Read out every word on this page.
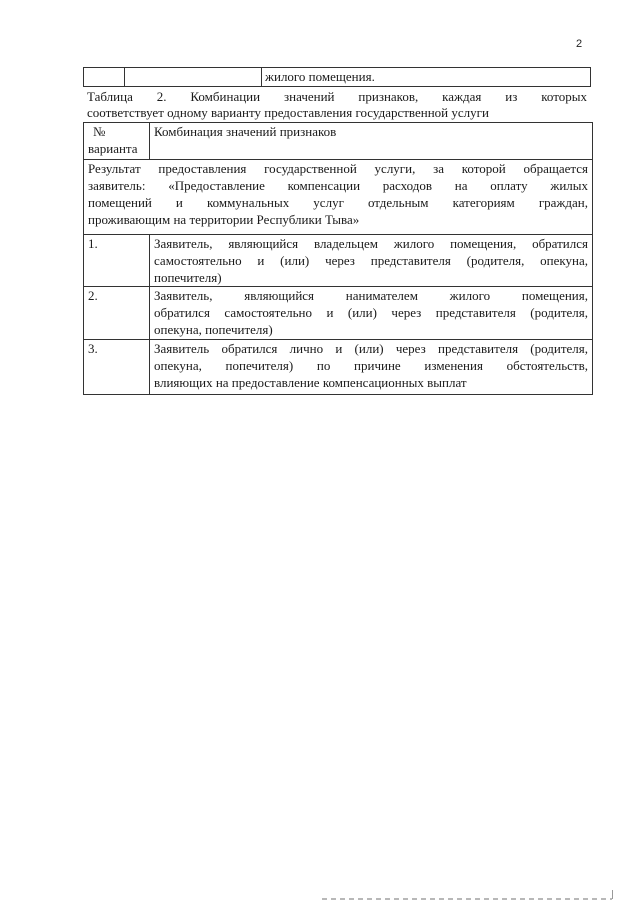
2
		жилого помещения.

Таблица 2. Комбинации значений признаков, каждая из которых

соответствует одному варианту предоставления государственной услуги

№
варианта	Комбинация значений признаков

Результат предоставления государственной услуги, за которой обращается
заявитель: «Предоставление компенсации расходов на оплату жилых
помещений и коммунальных услуг отдельным категориям граждан,
проживающим на территории Республики Тыва»	

1.	Заявитель, являющийся владельцем жилого помещения, обратился
самостоятельно и (или) через представителя (родителя, опекуна,
попечителя)

2.	Заявитель, являющийся нанимателем жилого помещения,
обратился самостоятельно и (или) через представителя (родителя,
опекуна, попечителя)

3.	Заявитель обратился лично и (или) через представителя (родителя,
опекуна, попечителя) по причине изменения обстоятельств,
влияющих на предоставление компенсационных выплат
